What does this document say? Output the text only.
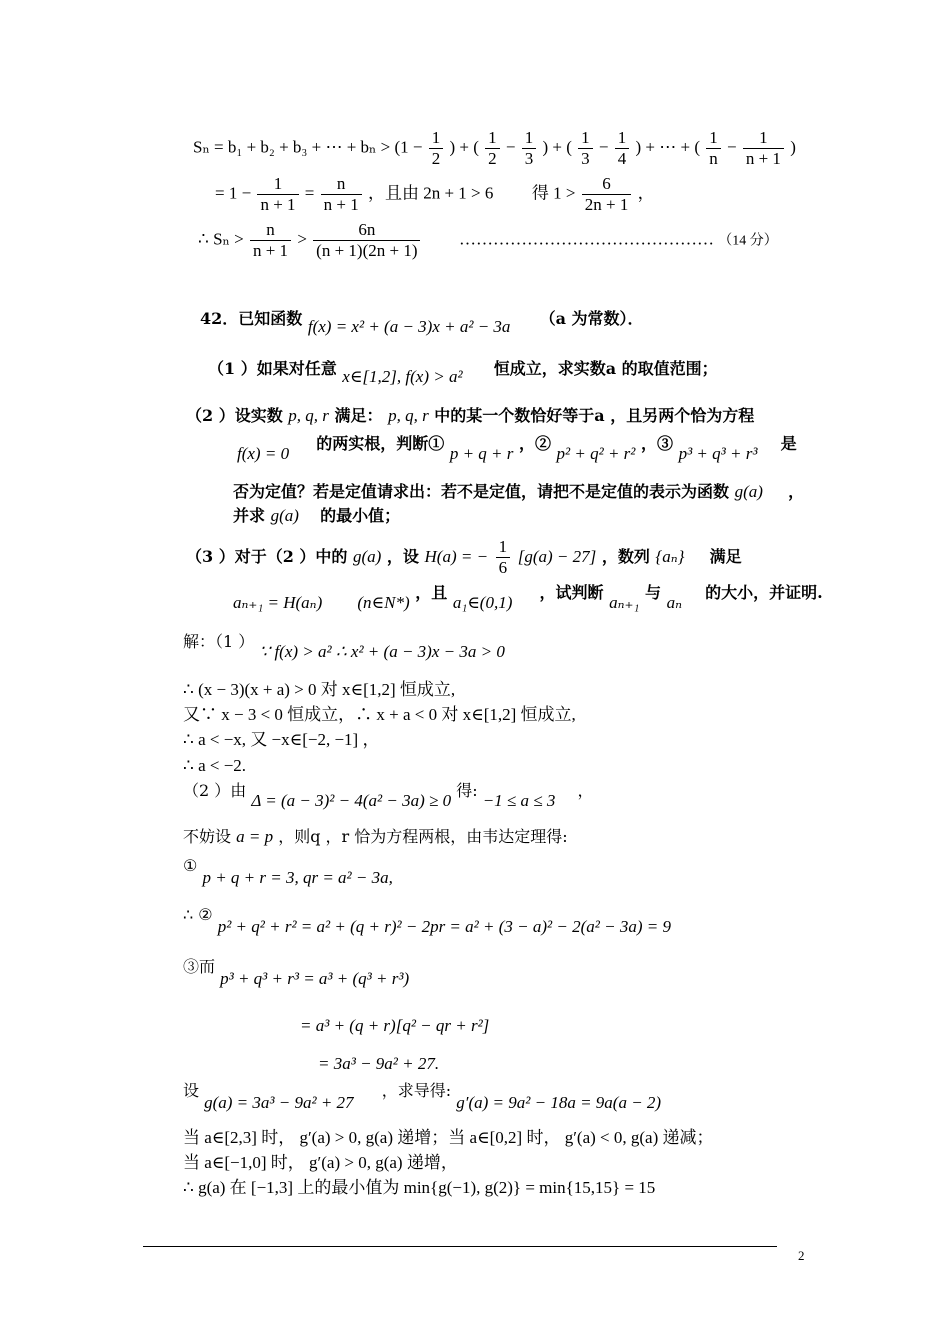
Sₙ = b₁ + b₂ + b₃ + ⋯ + $b_n > (1 - \frac{1}{2}$ ) + ( $\frac{1}{2} - \frac{1}{3}$ ) + ( $\frac{1}{3} - \frac{1}{4}$ ) + ⋯ + ( $\frac{1}{n} - \frac{1}{n + 1}$ )
= $1 - \frac{1}{n + 1} = \frac{n}{n + 1}$ ，且由 2n + 1 > 6 得 $1 > \frac{6}{2n + 1}$ ，
∴ $S_n > \frac{n}{n + 1} > \frac{6n}{(n + 1)(2n + 1)}$ ……………………………………… （14 分）
42．已知函数 f(x) = x² + (a − 3)x + a² − 3a （a 为常数）．
（1 ）如果对任意 x∈[1,2], f(x) > a² 恒成立，求实数a 的取值范围；
（2 ）设实数 p, q, r 满足： p, q, r 中的某一个数恰好等于a ，且另两个恰为方程
f(x) = 0  的两实根，判断① p + q + r ，② p² + q² + r² ，③ p³ + q³ + r³  是
否为定值？若是定值请求出：若不是定值，请把不是定值的表示为函数 g(a) ，
并求 g(a) 的最小值；
（3 ）对于（2 ）中的 g(a) ，设 H(a) = − $\frac{1}{6} [g(a) - 27]$ ，数列 {aₙ} 满足
aₙ₊₁ = H(aₙ) (n∈N*) ，且 a₁∈(0,1)  ，试判断 aₙ₊₁ 与 aₙ  的大小，并证明.
解：（1 ） ∵ f(x) > a² ∴ x² + (a − 3)x − 3a > 0
∴ (x − 3)(x + a) > 0 对 x∈[1,2] 恒成立,
又∵ x − 3 < 0 恒成立，∴ x + a < 0 对 x∈[1,2] 恒成立,
∴ a < −x, 又 −x∈[−2, −1] ，
∴ a < −2.
（2 ）由 Δ = (a − 3)² − 4(a² − 3a) ≥ 0 得: −1 ≤ a ≤ 3  ，
不妨设 a = p ，则q ，r 恰为方程两根，由韦达定理得:
① p + q + r = 3, qr = a² − 3a,
∴ ② p² + q² + r² = a² + (q + r)² − 2pr = a² + (3 − a)² − 2(a² − 3a) = 9
③而 p³ + q³ + r³ = a³ + (q³ + r³)
= a³ + (q + r)[q² − qr + r²]
= 3a³ − 9a² + 27.
设 g(a) = 3a³ − 9a² + 27  ，求导得: g′(a) = 9a² − 18a = 9a(a − 2)
当 a∈[2,3] 时， g′(a) > 0, g(a) 递增；当 a∈[0,2] 时， g′(a) < 0, g(a) 递减；
当 a∈[−1,0] 时， g′(a) > 0, g(a) 递增，
∴ g(a) 在 [−1,3] 上的最小值为 min{g(−1), g(2)} = min{15,15} = 15
2
